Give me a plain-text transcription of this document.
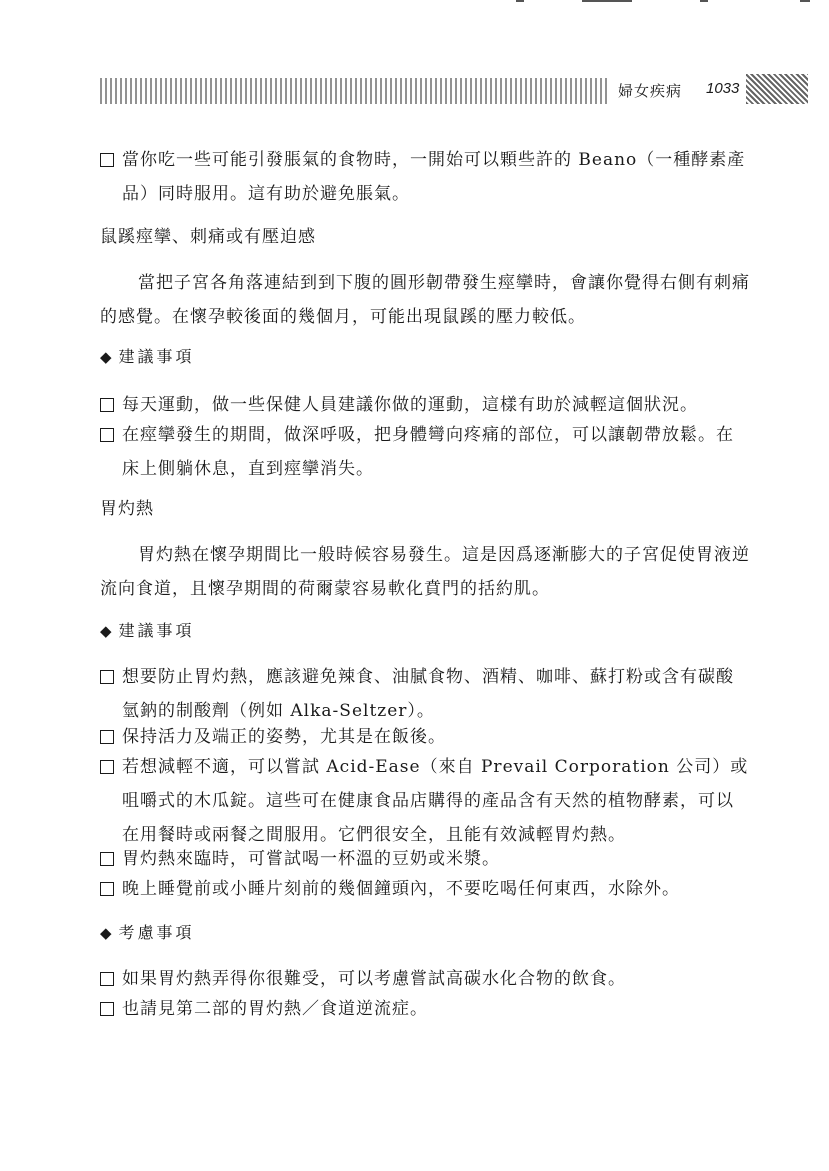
婦女疾病 1033
當你吃一些可能引發脹氣的食物時，一開始可以顆些許的 Beano（一種酵素產品）同時服用。這有助於避免脹氣。
鼠蹊痙攣、刺痛或有壓迫感
當把子宮各角落連結到到下腹的圓形韌帶發生痙攣時，會讓你覺得右側有刺痛的感覺。在懷孕較後面的幾個月，可能出現鼠蹊的壓力較低。
◆ 建議事項
每天運動，做一些保健人員建議你做的運動，這樣有助於減輕這個狀況。
在痙攣發生的期間，做深呼吸，把身體彎向疼痛的部位，可以讓韌帶放鬆。在床上側躺休息，直到痙攣消失。
胃灼熱
胃灼熱在懷孕期間比一般時候容易發生。這是因爲逐漸膨大的子宮促使胃液逆流向食道，且懷孕期間的荷爾蒙容易軟化賁門的括約肌。
◆ 建議事項
想要防止胃灼熱，應該避免辣食、油膩食物、酒精、咖啡、蘇打粉或含有碳酸氫鈉的制酸劑（例如 Alka-Seltzer）。
保持活力及端正的姿勢，尤其是在飯後。
若想減輕不適，可以嘗試 Acid-Ease（來自 Prevail Corporation 公司）或咀嚼式的木瓜錠。這些可在健康食品店購得的產品含有天然的植物酵素，可以在用餐時或兩餐之間服用。它們很安全，且能有效減輕胃灼熱。
胃灼熱來臨時，可嘗試喝一杯溫的豆奶或米漿。
晚上睡覺前或小睡片刻前的幾個鐘頭內，不要吃喝任何東西，水除外。
◆ 考慮事項
如果胃灼熱弄得你很難受，可以考慮嘗試高碳水化合物的飲食。
也請見第二部的胃灼熱／食道逆流症。
